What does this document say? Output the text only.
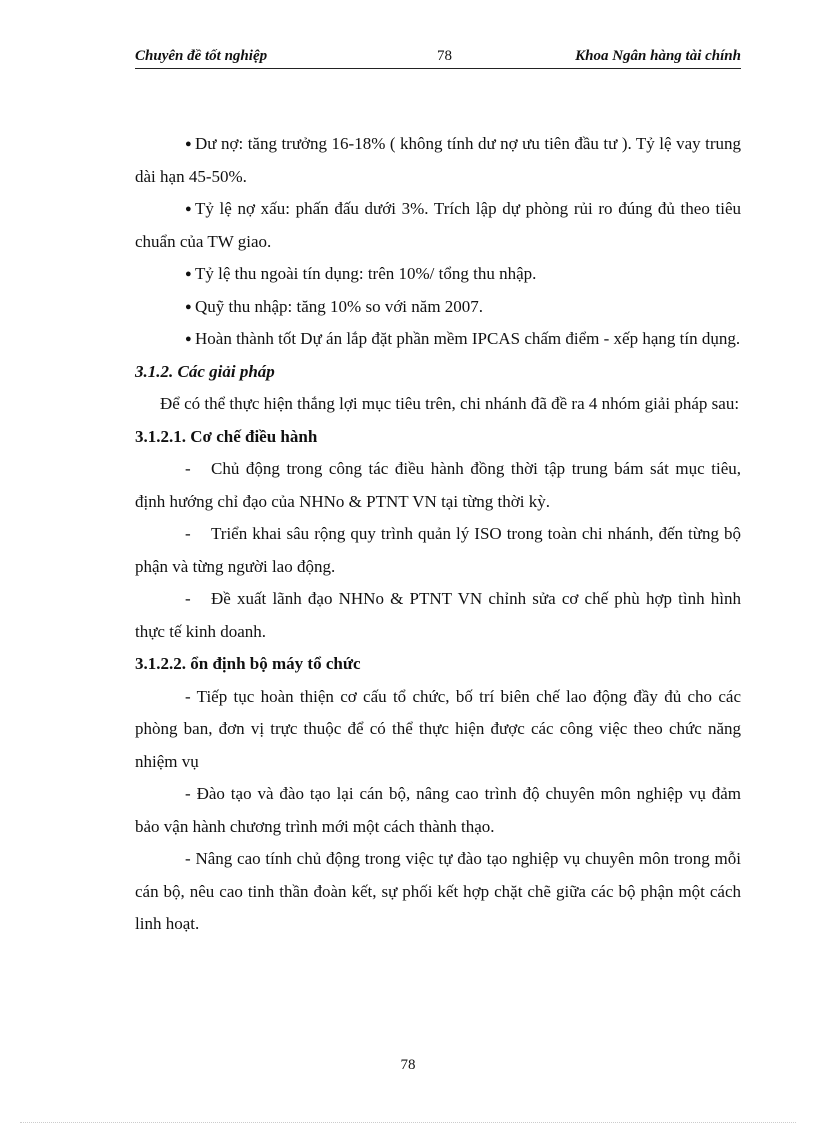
Chuyên đề tốt nghiệp	78	Khoa Ngân hàng tài chính

● Dư nợ: tăng trưởng 16-18% ( không tính dư nợ ưu tiên đầu tư ). Tỷ lệ vay trung dài hạn 45-50%.

● Tỷ lệ nợ xấu: phấn đấu dưới 3%. Trích lập dự phòng rủi ro đúng đủ theo tiêu chuẩn của TW giao.

● Tỷ lệ thu ngoài tín dụng: trên 10%/ tổng thu nhập.

● Quỹ thu nhập: tăng 10% so với năm 2007.

● Hoàn thành tốt Dự án lắp đặt phần mềm IPCAS chấm điểm - xếp hạng tín dụng.

3.1.2. Các giải pháp

Để có thể thực hiện thắng lợi mục tiêu trên, chi nhánh đã đề ra 4 nhóm giải pháp sau:

3.1.2.1. Cơ chế điều hành

- Chủ động trong công tác điều hành đồng thời tập trung bám sát mục tiêu, định hướng chỉ đạo của NHNo & PTNT VN tại từng thời kỳ.

- Triển khai sâu rộng quy trình quản lý ISO trong toàn chi nhánh, đến từng bộ phận và từng người lao động.

- Đề xuất lãnh đạo NHNo & PTNT VN chỉnh sửa cơ chế phù hợp tình hình thực tế kinh doanh.

3.1.2.2. ổn định bộ máy tổ chức

- Tiếp tục hoàn thiện cơ cấu tổ chức, bố trí biên chế lao động đầy đủ cho các phòng ban, đơn vị trực thuộc để có thể thực hiện được các công việc theo chức năng nhiệm vụ

- Đào tạo và đào tạo lại cán bộ, nâng cao trình độ chuyên môn nghiệp vụ đảm bảo vận hành chương trình mới một cách thành thạo.

- Nâng cao tính chủ động trong việc tự đào tạo nghiệp vụ chuyên môn trong mỗi cán bộ, nêu cao tinh thần đoàn kết, sự phối kết hợp chặt chẽ giữa các bộ phận một cách linh hoạt.

78
